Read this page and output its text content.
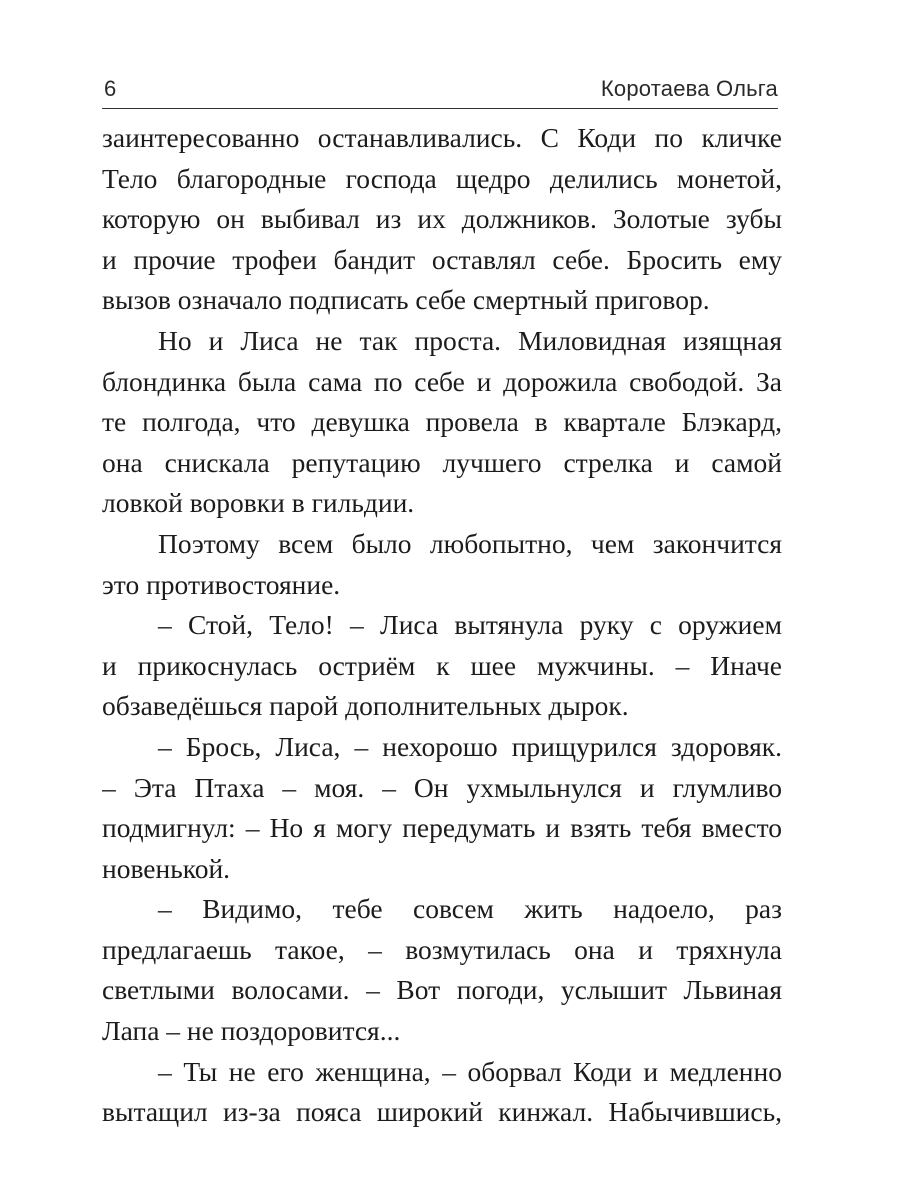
6	Коротаева Ольга
заинтересованно останавливались. С Коди по кличке
Тело благородные господа щедро делились монетой,
которую он выбивал из их должников. Золотые зубы
и прочие трофеи бандит оставлял себе. Бросить ему
вызов означало подписать себе смертный приговор.
Но и Лиса не так проста. Миловидная изящная
блондинка была сама по себе и дорожила свободой. За
те полгода, что девушка провела в квартале Блэкард,
она снискала репутацию лучшего стрелка и самой
ловкой воровки в гильдии.
Поэтому всем было любопытно, чем закончится
это противостояние.
– Стой, Тело! – Лиса вытянула руку с оружием
и прикоснулась остриём к шее мужчины. – Иначе
обзаведёшься парой дополнительных дырок.
– Брось, Лиса, – нехорошо прищурился здоровяк.
– Эта Птаха – моя. – Он ухмыльнулся и глумливо
подмигнул: – Но я могу передумать и взять тебя вместо
новенькой.
– Видимо, тебе совсем жить надоело, раз
предлагаешь такое, – возмутилась она и тряхнула
светлыми волосами. – Вот погоди, услышит Львиная
Лапа – не поздоровится...
– Ты не его женщина, – оборвал Коди и медленно
вытащил из-за пояса широкий кинжал. Набычившись,
